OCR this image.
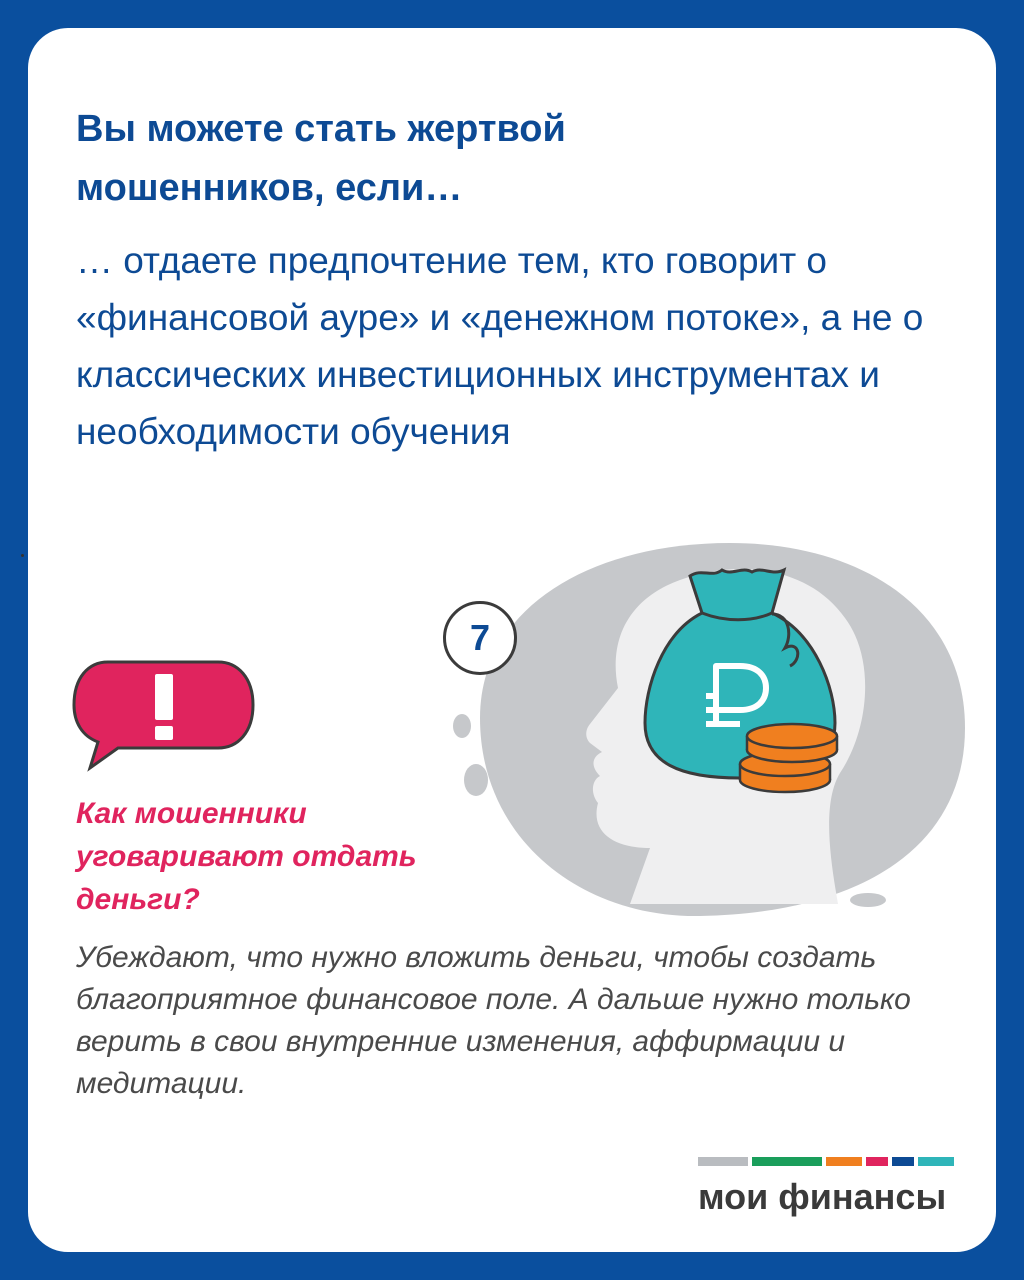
Вы можете стать жертвой мошенников, если…
… отдаете предпочтение тем, кто говорит о «финансовой ауре» и «денежном потоке», а не о классических инвестиционных инструментах и необходимости обучения
7
Как мошенники уговаривают отдать деньги?

Убеждают, что нужно вложить деньги, чтобы создать благоприятное финансовое поле. А дальше нужно только верить в свои внутренние изменения, аффирмации и медитации.

мои финансы
